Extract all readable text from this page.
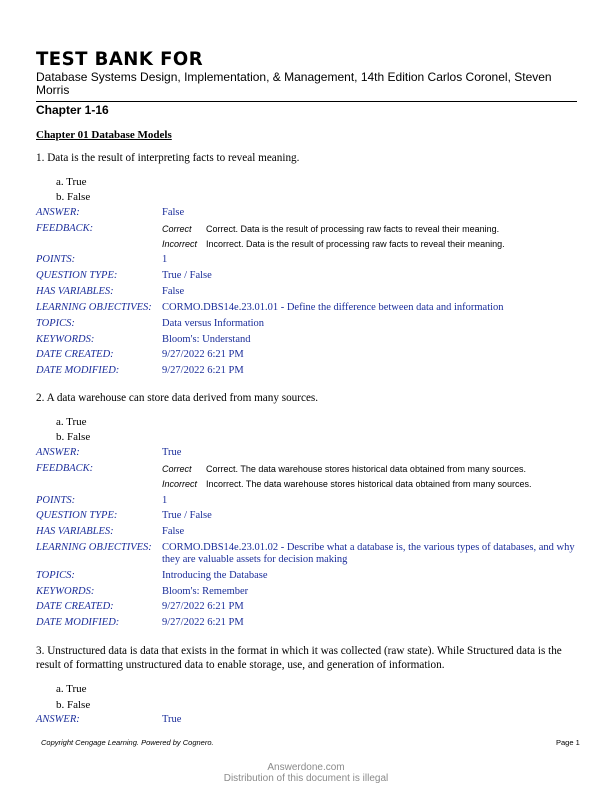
TEST BANK FOR
Database Systems Design, Implementation, & Management, 14th Edition Carlos Coronel, Steven Morris
Chapter 1-16
Chapter 01 Database Models
1. Data is the result of interpreting facts to reveal meaning.
a. True
b. False
ANSWER:	False
FEEDBACK:	Correct Correct. Data is the result of processing raw facts to reveal their meaning.
Incorrect Incorrect. Data is the result of processing raw facts to reveal their meaning.
POINTS:	1
QUESTION TYPE:	True / False
HAS VARIABLES:	False
LEARNING OBJECTIVES: CORMO.DBS14e.23.01.01 - Define the difference between data and information
TOPICS:	Data versus Information
KEYWORDS:	Bloom's: Understand
DATE CREATED:	9/27/2022 6:21 PM
DATE MODIFIED:	9/27/2022 6:21 PM
2. A data warehouse can store data derived from many sources.
a. True
b. False
ANSWER:	True
FEEDBACK:	Correct Correct. The data warehouse stores historical data obtained from many sources.
Incorrect Incorrect. The data warehouse stores historical data obtained from many sources.
POINTS:	1
QUESTION TYPE:	True / False
HAS VARIABLES:	False
LEARNING OBJECTIVES: CORMO.DBS14e.23.01.02 - Describe what a database is, the various types of databases, and why they are valuable assets for decision making
TOPICS:	Introducing the Database
KEYWORDS:	Bloom's: Remember
DATE CREATED:	9/27/2022 6:21 PM
DATE MODIFIED:	9/27/2022 6:21 PM
3. Unstructured data is data that exists in the format in which it was collected (raw state). While Structured data is the result of formatting unstructured data to enable storage, use, and generation of information.
a. True
b. False
ANSWER:	True
Copyright Cengage Learning. Powered by Cognero.	Page 1
Answerdone.com
Distribution of this document is illegal
